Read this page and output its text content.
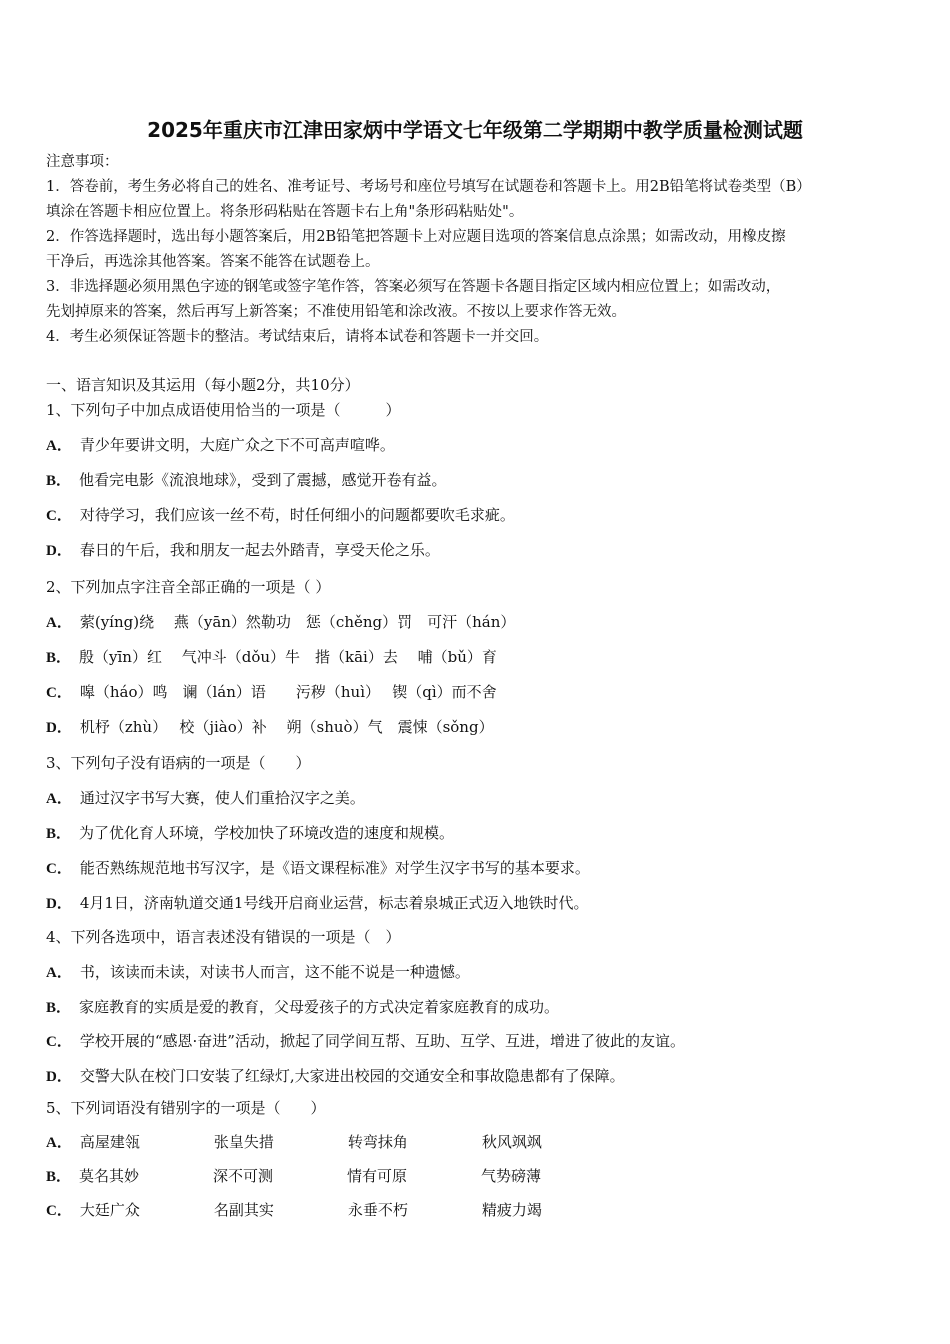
2025年重庆市江津田家炳中学语文七年级第二学期期中教学质量检测试题
注意事项：
1．答卷前，考生务必将自己的姓名、准考证号、考场号和座位号填写在试题卷和答题卡上。用2B铅笔将试卷类型（B）
填涂在答题卡相应位置上。将条形码粘贴在答题卡右上角"条形码粘贴处"。
2．作答选择题时，选出每小题答案后，用2B铅笔把答题卡上对应题目选项的答案信息点涂黑；如需改动，用橡皮擦
干净后，再选涂其他答案。答案不能答在试题卷上。
3．非选择题必须用黑色字迹的钢笔或签字笔作答，答案必须写在答题卡各题目指定区域内相应位置上；如需改动，
先划掉原来的答案，然后再写上新答案；不准使用铅笔和涂改液。不按以上要求作答无效。
4．考生必须保证答题卡的整洁。考试结束后，请将本试卷和答题卡一并交回。
一、语言知识及其运用（每小题2分，共10分）
1、下列句子中加点成语使用恰当的一项是（　　　）
A． 青少年要讲文明，大庭广众之下不可高声喧哗。
B． 他看完电影《流浪地球》，受到了震撼，感觉开卷有益。
C． 对待学习，我们应该一丝不苟，时任何细小的问题都要吹毛求疵。
D． 春日的午后，我和朋友一起去外踏青，享受天伦之乐。
2、下列加点字注音全部正确的一项是（ ）
A． 萦(yíng)绕　 燕（yān）然勒功　惩（chěng）罚　可汗（hán）
B． 殷（yīn）红　 气冲斗（dǒu）牛　揩（kāi）去　 哺（bǔ）育
C． 嗥（háo）鸣　谰（lán）语　　污秽（huì）　 锲（qì）而不舍
D． 机杼（zhù）　 校（jiào）补　 朔（shuò）气　震悚（sǒng）
3、下列句子没有语病的一项是（　　）
A． 通过汉字书写大赛，使人们重拾汉字之美。
B． 为了优化育人环境，学校加快了环境改造的速度和规模。
C． 能否熟练规范地书写汉字，是《语文课程标准》对学生汉字书写的基本要求。
D． 4月1日，济南轨道交通1号线开启商业运营，标志着泉城正式迈入地铁时代。
4、下列各选项中，语言表述没有错误的一项是（　）
A． 书，该读而未读，对读书人而言，这不能不说是一种遗憾。
B． 家庭教育的实质是爱的教育，父母爱孩子的方式决定着家庭教育的成功。
C． 学校开展的“感恩·奋进”活动，掀起了同学间互帮、互助、互学、互进，增进了彼此的友谊。
D． 交警大队在校门口安装了红绿灯,大家进出校园的交通安全和事故隐患都有了保障。
5、下列词语没有错别字的一项是（　　）
A． 高屋建瓴	张皇失措	转弯抹角	秋风飒飒
B． 莫名其妙	深不可测	情有可原	气势磅薄
C． 大廷广众	名副其实	永垂不朽	精疲力竭
